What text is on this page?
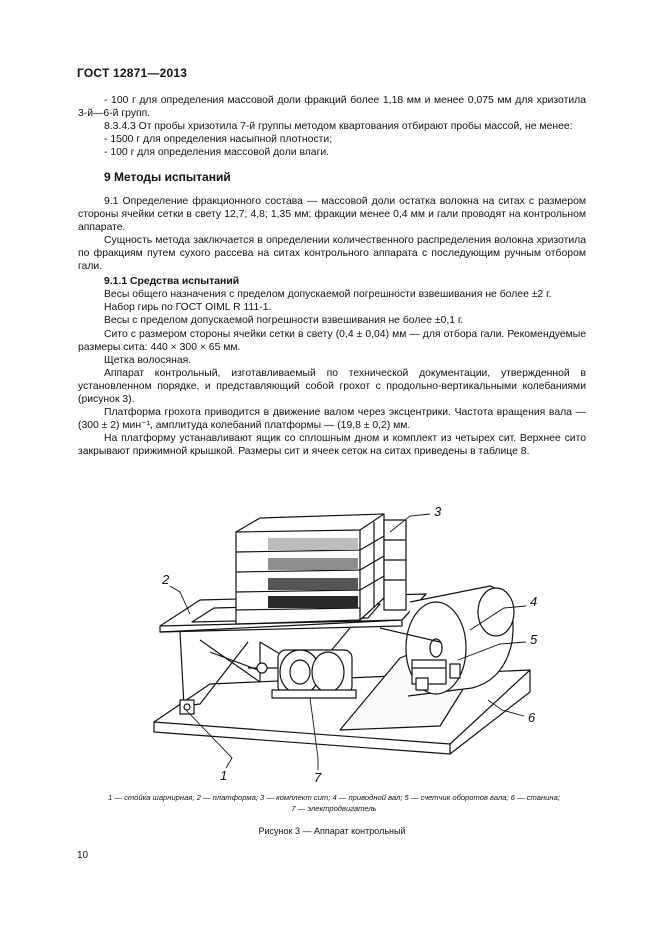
ГОСТ 12871—2013

- 100 г для определения массовой доли фракций более 1,18 мм и менее 0,075 мм для хризотила 3-й—6-й групп.

8.3.4.3 От пробы хризотила 7-й группы методом квартования отбирают пробы массой, не менее:

- 1500 г для определения насыпной плотности;

- 100 г для определения массовой доли влаги.

9 Методы испытаний

9.1 Определение фракционного состава — массовой доли остатка волокна на ситах с размером стороны ячейки сетки в свету 12,7; 4,8; 1,35 мм; фракции менее 0,4 мм и гали проводят на контрольном аппарате.

Сущность метода заключается в определении количественного распределения волокна хризотила по фракциям путем сухого рассева на ситах контрольного аппарата с последующим ручным отбором гали.

9.1.1 Средства испытаний

Весы общего назначения с пределом допускаемой погрешности взвешивания не более ±2 г.

Набор гирь по ГОСТ OIML R 111-1.

Весы с пределом допускаемой погрешности взвешивания не более ±0,1 г.

Сито с размером стороны ячейки сетки в свету (0,4 ± 0,04) мм — для отбора гали. Рекомендуемые размеры сита: 440 × 300 × 65 мм.

Щетка волосяная.

Аппарат контрольный, изготавливаемый по технической документации, утвержденной в установленном порядке, и представляющий собой грохот с продольно-вертикальными колебаниями (рисунок 3).

Платформа грохота приводится в движение валом через эксцентрики. Частота вращения вала — (300 ± 2) мин⁻¹, амплитуда колебаний платформы — (19,8 ± 0,2) мм.

На платформу устанавливают ящик со сплошным дном и комплект из четырех сит. Верхнее сито закрывают прижимной крышкой. Размеры сит и ячеек сеток на ситах приведены в таблице 8.

2
3
4
5
6
1	7
1 — стойка шарнирная; 2 — платформа; 3 — комплект сит; 4 — приводной вал; 5 — счетчик оборотов вала; 6 — станина;
7 — электродвигатель
Рисунок 3 — Аппарат контрольный
10
